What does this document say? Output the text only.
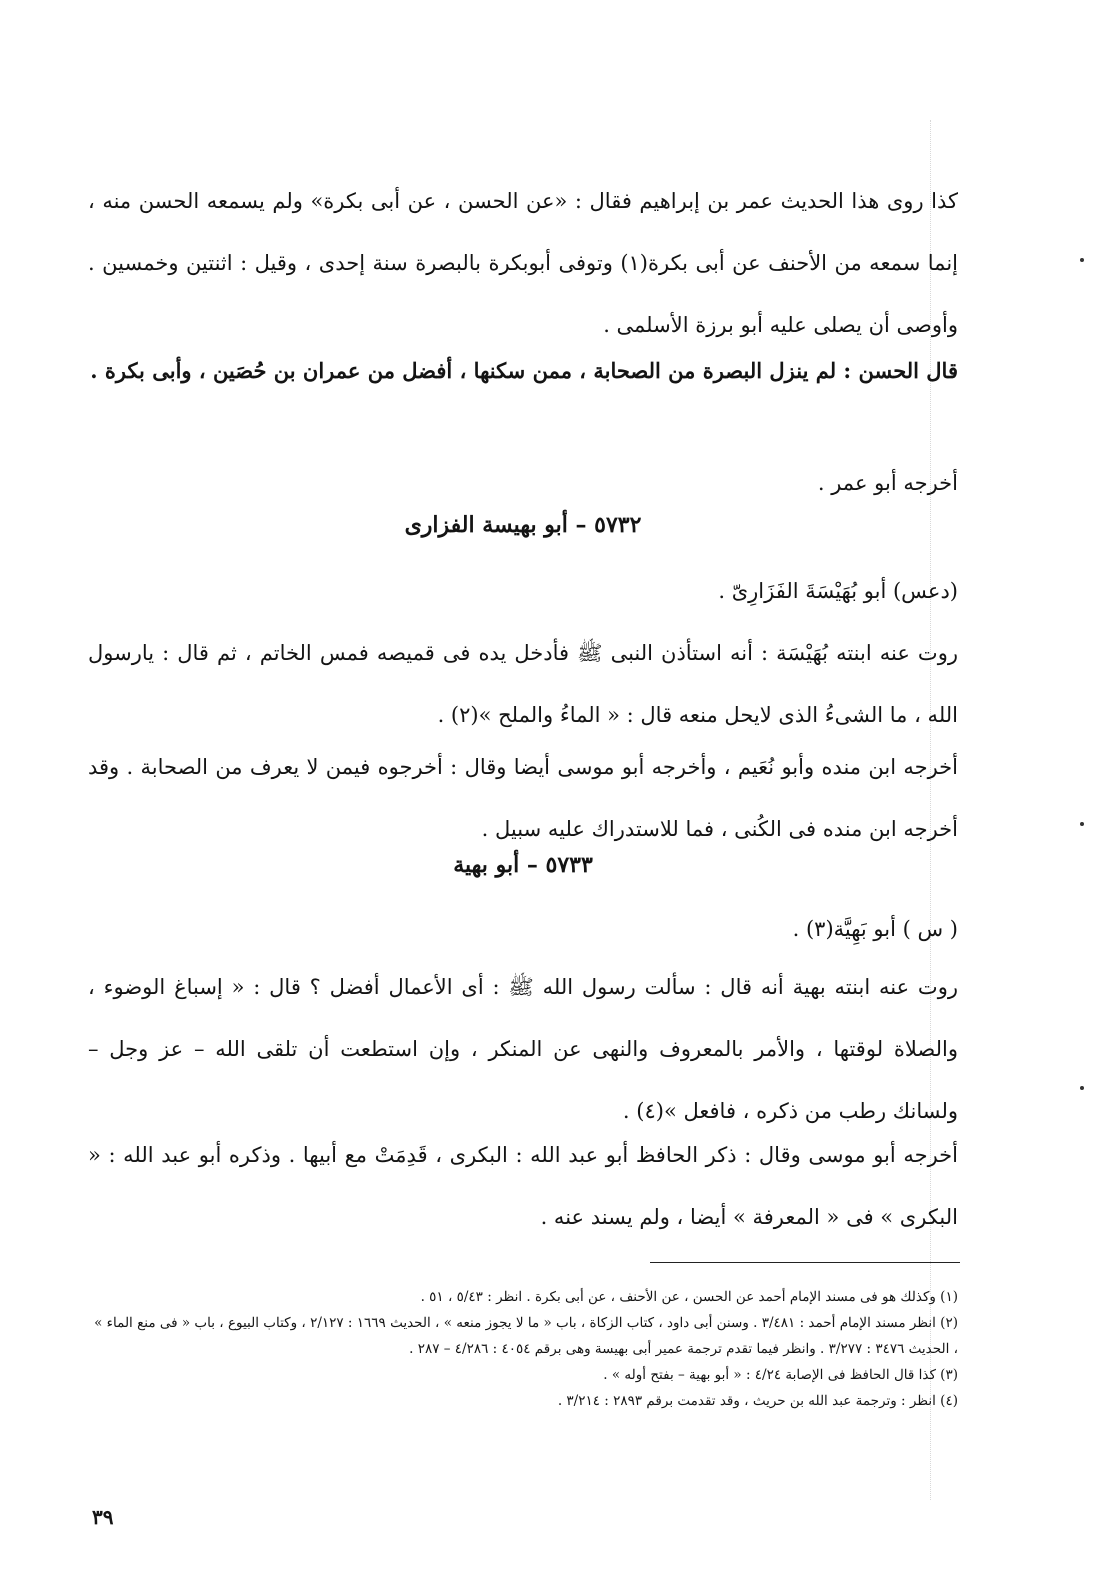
كذا روى هذا الحديث عمر بن إبراهيم فقال : «عن الحسن ، عن أبى بكرة» ولم يسمعه الحسن منه ، إنما سمعه من الأحنف عن أبى بكرة(١) وتوفى أبوبكرة بالبصرة سنة إحدى ، وقيل : اثنتين وخمسين . وأوصى أن يصلى عليه أبو برزة الأسلمى .

قال الحسن : لم ينزل البصرة من الصحابة ، ممن سكنها ، أفضل من عمران بن حُصَين ، وأبى بكرة .

أخرجه أبو عمر .

٥٧٣٢ – أبو بهيسة الفزارى

(دعس) أبو بُهَيْسَةَ الفَزَارِىّ .

روت عنه ابنته بُهَيْسَة : أنه استأذن النبى ﷺ فأدخل يده فى قميصه فمس الخاتم ، ثم قال : يارسول الله ، ما الشىءُ الذى لايحل منعه قال : « الماءُ والملح »(٢) .

أخرجه ابن منده وأبو نُعَيم ، وأخرجه أبو موسى أيضا وقال : أخرجوه فيمن لا يعرف من الصحابة . وقد أخرجه ابن منده فى الكُنى ، فما للاستدراك عليه سبيل .

٥٧٣٣ – أبو بهية

( س ) أبو بَهِيَّة(٣) .

روت عنه ابنته بهية أنه قال : سألت رسول الله ﷺ : أى الأعمال أفضل ؟ قال : « إسباغ الوضوء ، والصلاة لوقتها ، والأمر بالمعروف والنهى عن المنكر ، وإن استطعت أن تلقى الله – عز وجل – ولسانك رطب من ذكره ، فافعل »(٤) .

أخرجه أبو موسى وقال : ذكر الحافظ أبو عبد الله : البكرى ، قَدِمَتْ مع أبيها . وذكره أبو عبد الله : « البكرى » فى « المعرفة » أيضا ، ولم يسند عنه .

(١) وكذلك هو فى مسند الإمام أحمد عن الحسن ، عن الأحنف ، عن أبى بكرة . انظر : ٥/٤٣ ، ٥١ .

(٢) انظر مسند الإمام أحمد : ٣/٤٨١ . وسنن أبى داود ، كتاب الزكاة ، باب « ما لا يجوز منعه » ، الحديث ١٦٦٩ : ٢/١٢٧ ، وكتاب البيوع ، باب « فى منع الماء » ، الحديث ٣٤٧٦ : ٣/٢٧٧ . وانظر فيما تقدم ترجمة عمير أبى بهيسة وهى برقم ٤٠٥٤ : ٤/٢٨٦ – ٢٨٧ .

(٣) كذا قال الحافظ فى الإصابة ٤/٢٤ : « أبو بهية – بفتح أوله » .

(٤) انظر : وترجمة عبد الله بن حريث ، وقد تقدمت برقم ٢٨٩٣ : ٣/٢١٤ .

٣٩
